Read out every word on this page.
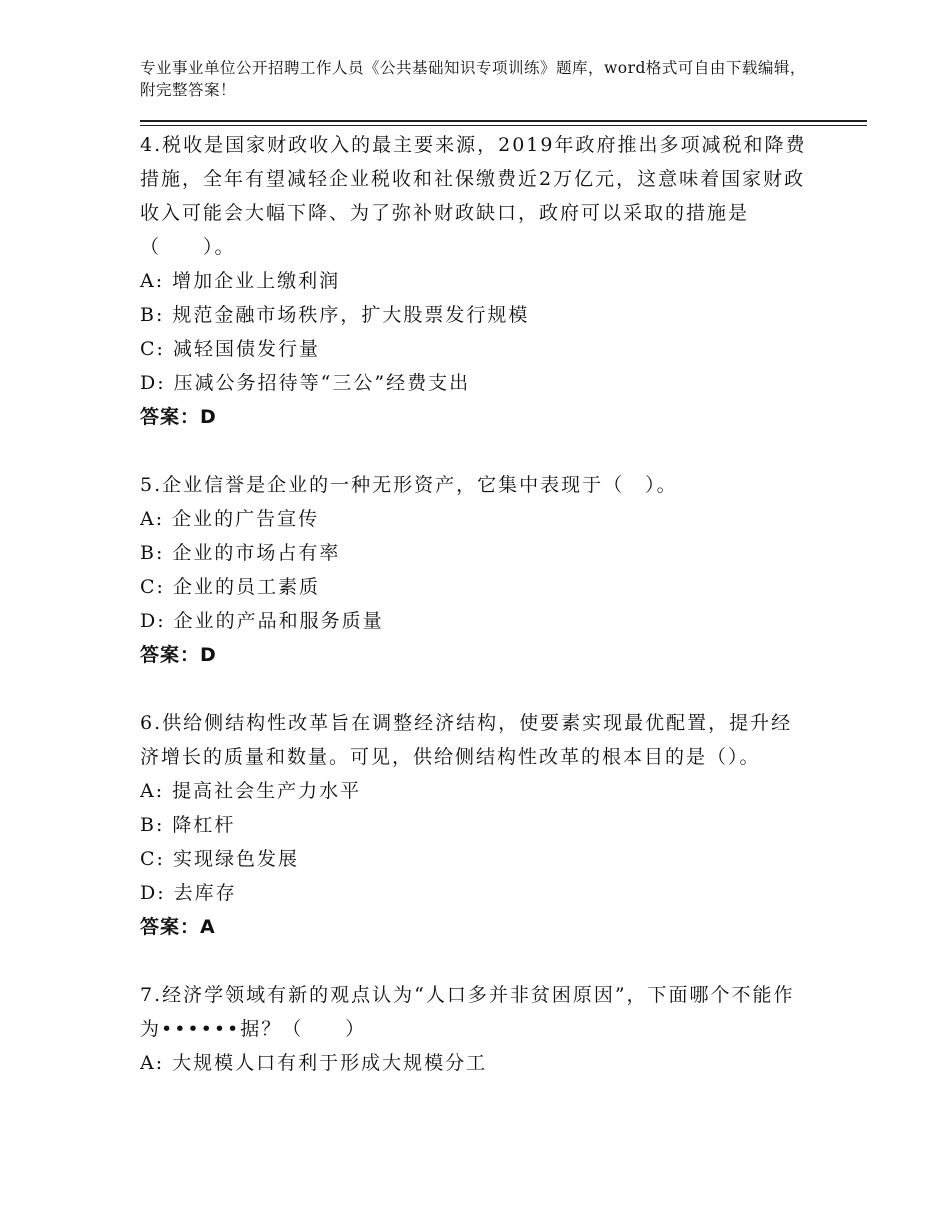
专业事业单位公开招聘工作人员《公共基础知识专项训练》题库，word格式可自由下载编辑，附完整答案！

4.税收是国家财政收入的最主要来源，2019年政府推出多项减税和降费措施，全年有望减轻企业税收和社保缴费近2万亿元，这意味着国家财政收入可能会大幅下降、为了弥补财政缺口，政府可以采取的措施是（　　）。

A: 增加企业上缴利润

B: 规范金融市场秩序，扩大股票发行规模

C: 减轻国债发行量

D: 压减公务招待等“三公”经费支出

答案：D

5.企业信誉是企业的一种无形资产，它集中表现于（　）。

A: 企业的广告宣传

B: 企业的市场占有率

C: 企业的员工素质

D: 企业的产品和服务质量

答案：D

6.供给侧结构性改革旨在调整经济结构，使要素实现最优配置，提升经济增长的质量和数量。可见，供给侧结构性改革的根本目的是（）。

A: 提高社会生产力水平

B: 降杠杆

C: 实现绿色发展

D: 去库存

答案：A

7.经济学领域有新的观点认为“人口多并非贫困原因”，下面哪个不能作为••••••据？（　　）

A: 大规模人口有利于形成大规模分工
